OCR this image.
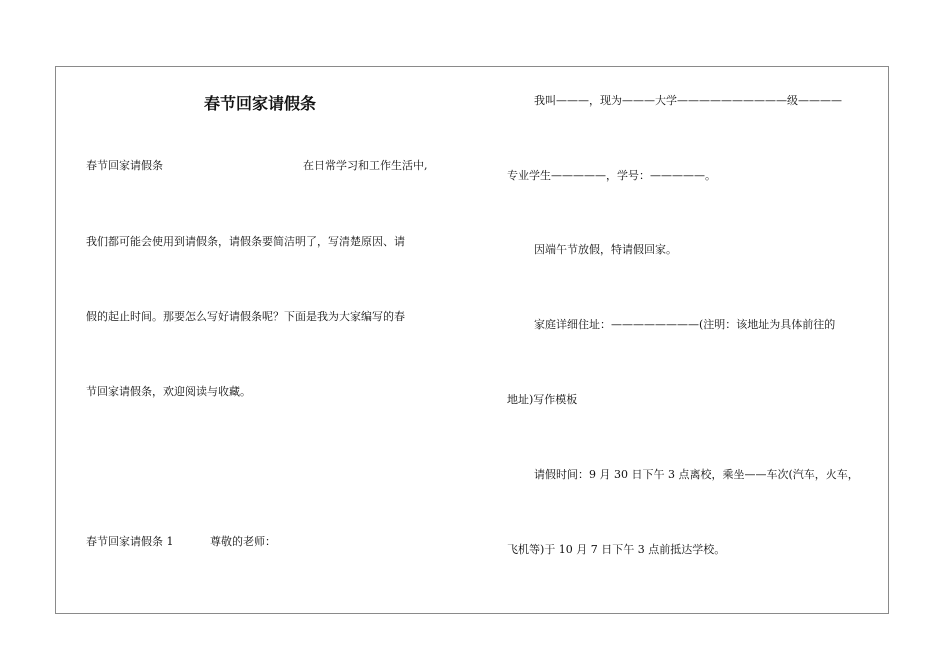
春节回家请假条

春节回家请假条	在日常学习和工作生活中,

我们都可能会使用到请假条，请假条要简洁明了，写清楚原因、请

假的起止时间。那要怎么写好请假条呢？下面是我为大家编写的春

节回家请假条，欢迎阅读与收藏。

春节回家请假条 1	尊敬的老师：

我叫———，现为———大学——————————级————

专业学生—————，学号：—————。

因端午节放假，特请假回家。

家庭详细住址：————————(注明：该地址为具体前往的

地址)写作模板

请假时间：9 月 30 日下午 3 点离校，乘坐——车次(汽车，火车，

飞机等)于 10 月 7 日下午 3 点前抵达学校。
